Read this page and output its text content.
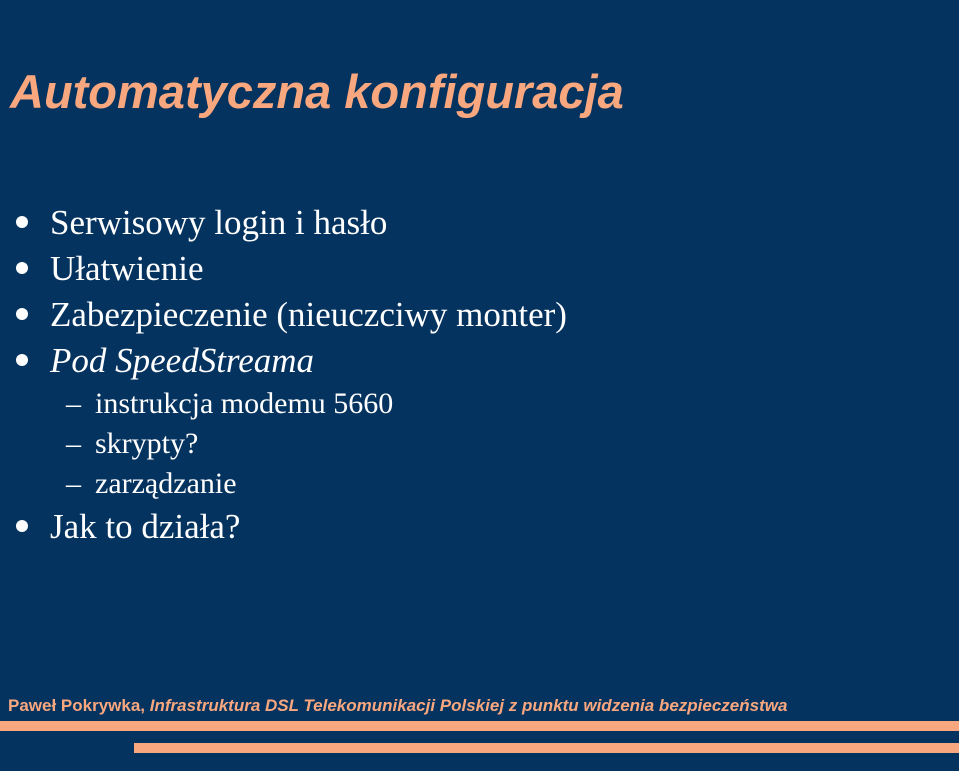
Automatyczna konfiguracja
Serwisowy login i hasło
Ułatwienie
Zabezpieczenie (nieuczciwy monter)
Pod SpeedStreama
– instrukcja modemu 5660
– skrypty?
– zarządzanie
Jak to działa?
Paweł Pokrywka, Infrastruktura DSL Telekomunikacji Polskiej z punktu widzenia bezpieczeństwa
